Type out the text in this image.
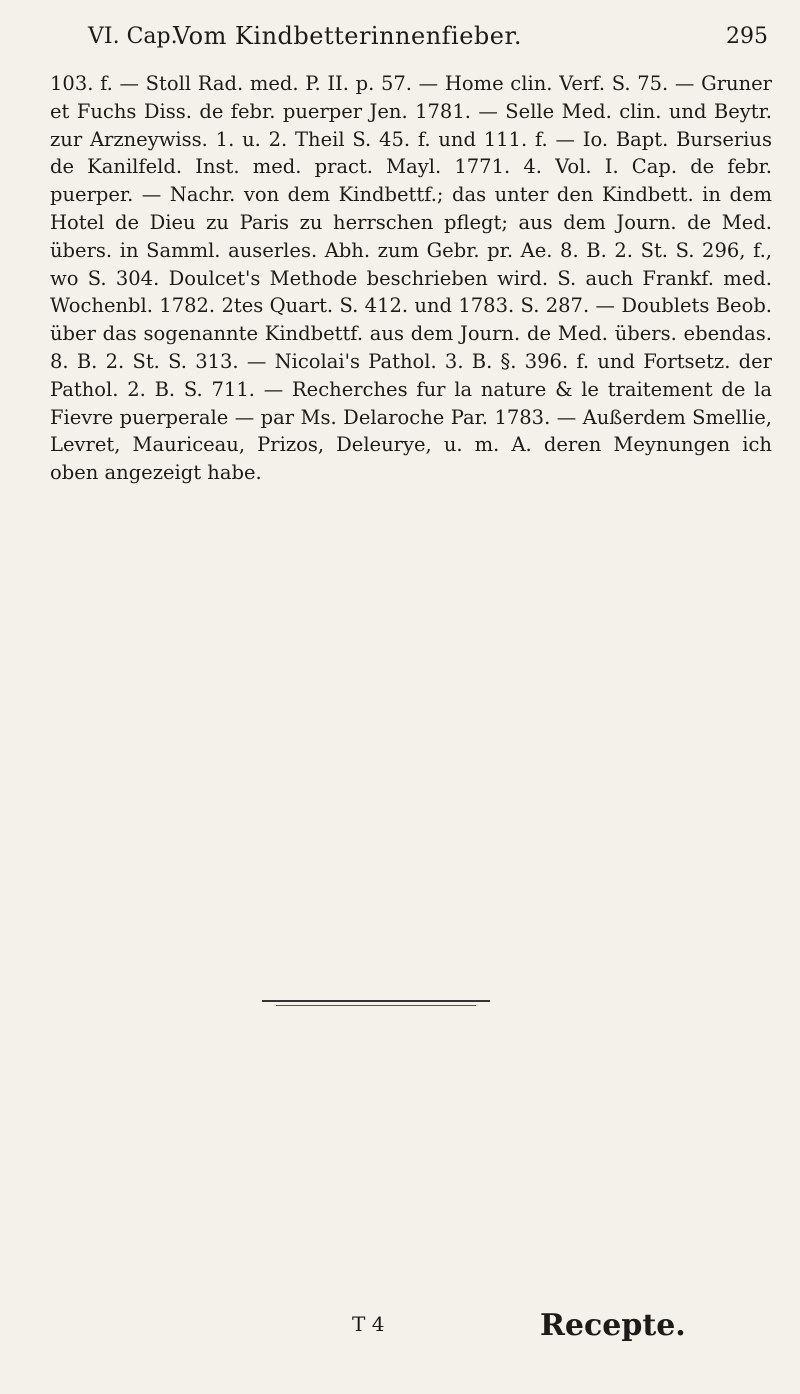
VI. Cap.
Vom Kindbetterinnenfieber.	295

103. f. — Stoll Rad. med. P. II. p. 57. — Home clin. Verf. S. 75. — Gruner et Fuchs Diss. de febr. puerper Jen. 1781. — Selle Med. clin. und Beytr. zur Arzneywiss. 1. u. 2. Theil S. 45. f. und 111. f. — Io. Bapt. Burserius de Kanilfeld. Inst. med. pract. Mayl. 1771. 4. Vol. I. Cap. de febr. puerper. — Nachr. von dem Kindbettf.; das unter den Kindbett. in dem Hotel de Dieu zu Paris zu herrschen pflegt; aus dem Journ. de Med. übers. in Samml. auserles. Abh. zum Gebr. pr. Ae. 8. B. 2. St. S. 296, f., wo S. 304. Doulcet's Methode beschrieben wird. S. auch Frankf. med. Wochenbl. 1782. 2tes Quart. S. 412. und 1783. S. 287. — Doublets Beob. über das sogenannte Kindbettf. aus dem Journ. de Med. übers. ebendas. 8. B. 2. St. S. 313. — Nicolai's Pathol. 3. B. §. 396. f. und Fortsetz. der Pathol. 2. B. S. 711. — Recherches fur la nature & le traitement de la Fievre puerperale — par Ms. Delaroche Par. 1783. — Außerdem Smellie, Levret, Mauriceau, Prizos, Deleurye, u. m. A. deren Meynungen ich oben angezeigt habe.

T 4	Recepte.
